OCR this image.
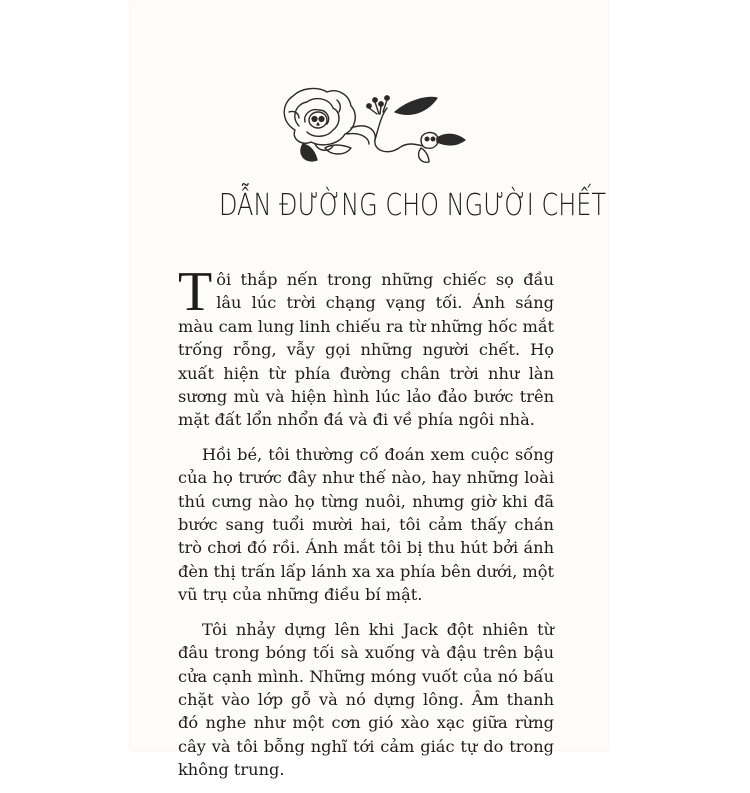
DẪN ĐƯỜNG CHO NGƯỜI CHẾT

Tôi thắp nến trong những chiếc sọ đầu lâu lúc trời chạng vạng tối. Ánh sáng màu cam lung linh chiếu ra từ những hốc mắt trống rỗng, vẫy gọi những người chết. Họ xuất hiện từ phía đường chân trời như làn sương mù và hiện hình lúc lảo đảo bước trên mặt đất lổn nhổn đá và đi về phía ngôi nhà.

Hồi bé, tôi thường cố đoán xem cuộc sống của họ trước đây như thế nào, hay những loài thú cưng nào họ từng nuôi, nhưng giờ khi đã bước sang tuổi mười hai, tôi cảm thấy chán trò chơi đó rồi. Ánh mắt tôi bị thu hút bởi ánh đèn thị trấn lấp lánh xa xa phía bên dưới, một vũ trụ của những điều bí mật.

Tôi nhảy dựng lên khi Jack đột nhiên từ đâu trong bóng tối sà xuống và đậu trên bậu cửa cạnh mình. Những móng vuốt của nó bấu chặt vào lớp gỗ và nó dựng lông. Âm thanh đó nghe như một cơn gió xào xạc giữa rừng cây và tôi bỗng nghĩ tới cảm giác tự do trong không trung.
